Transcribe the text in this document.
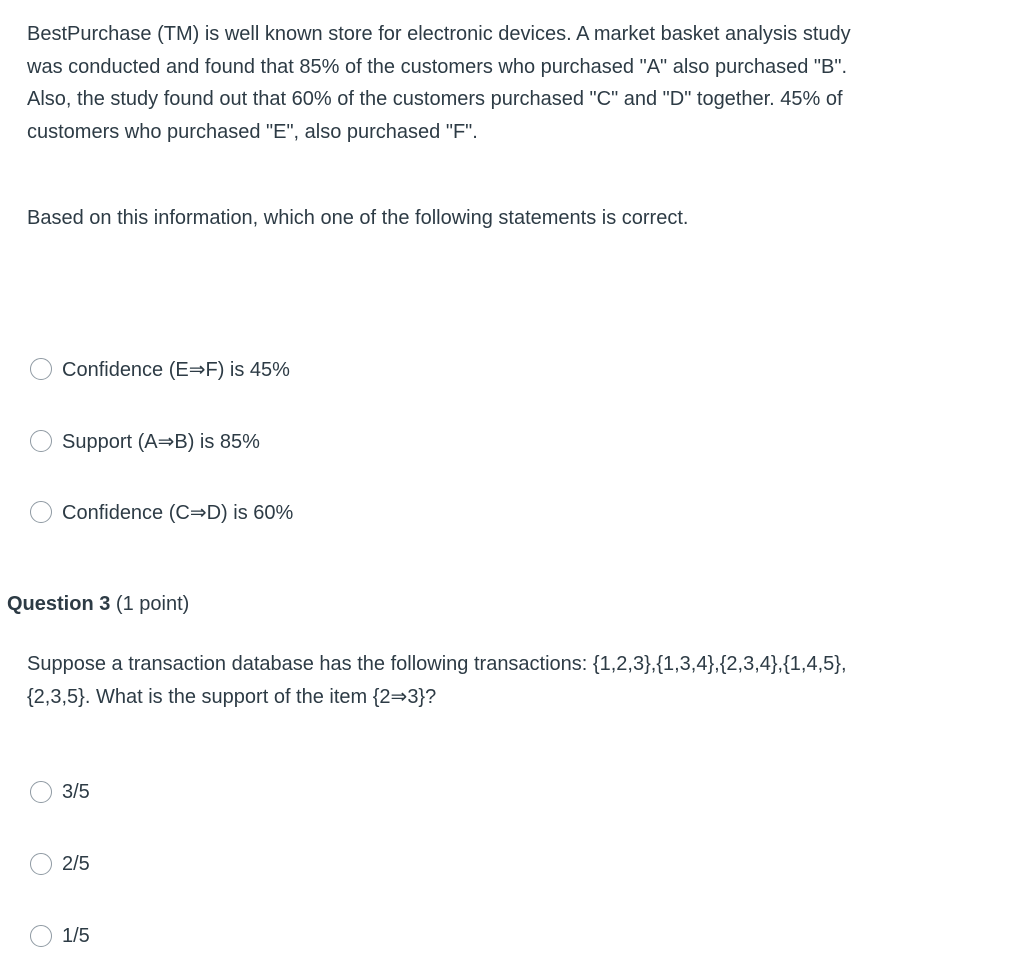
BestPurchase (TM) is well known store for electronic devices. A market basket analysis study was conducted and found that 85% of the customers who purchased "A" also purchased "B". Also, the study found out that 60% of the customers purchased "C" and "D" together. 45% of customers who purchased "E", also purchased "F".

Based on this information, which one of the following statements is correct.

Confidence (E⇒F) is 45%
Support (A⇒B) is 85%
Confidence (C⇒D) is 60%
Question 3 (1 point)

Suppose a transaction database has the following transactions: {1,2,3},{1,3,4},{2,3,4},{1,4,5},{2,3,5}. What is the support of the item {2⇒3}?

3/5
2/5
1/5
